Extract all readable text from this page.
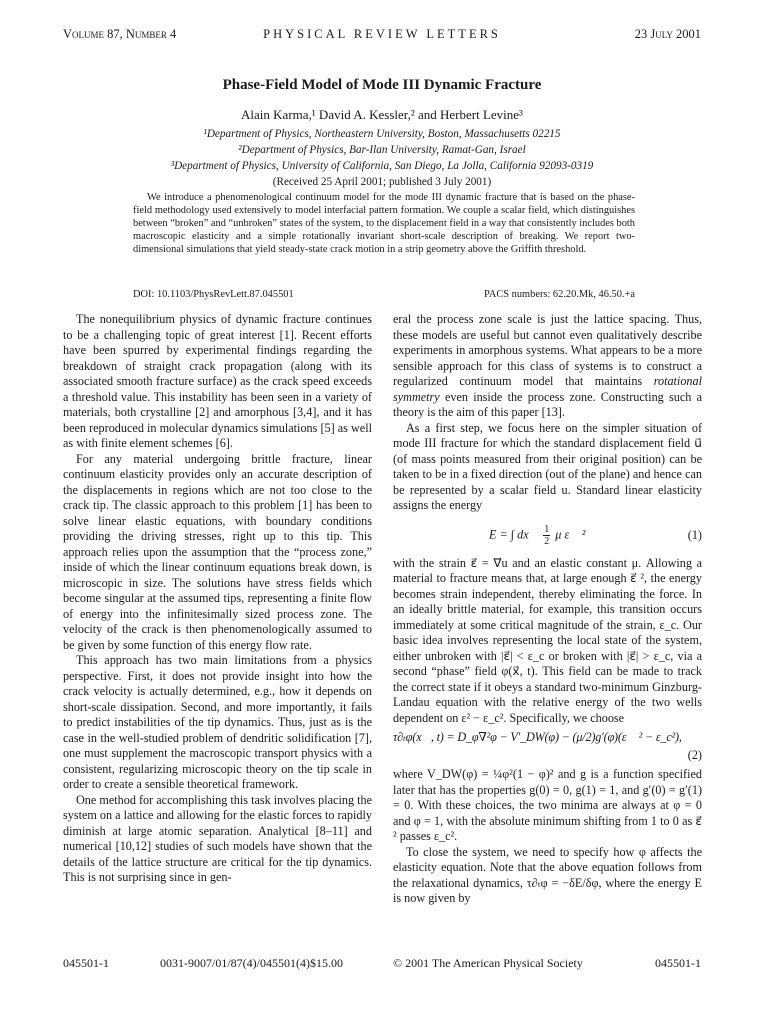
Volume 87, Number 4	PHYSICAL REVIEW LETTERS	23 July 2001
Phase-Field Model of Mode III Dynamic Fracture
Alain Karma,¹ David A. Kessler,² and Herbert Levine³
¹Department of Physics, Northeastern University, Boston, Massachusetts 02215
²Department of Physics, Bar-Ilan University, Ramat-Gan, Israel
³Department of Physics, University of California, San Diego, La Jolla, California 92093-0319
(Received 25 April 2001; published 3 July 2001)
We introduce a phenomenological continuum model for the mode III dynamic fracture that is based on the phase-field methodology used extensively to model interfacial pattern formation. We couple a scalar field, which distinguishes between “broken” and “unbroken” states of the system, to the displacement field in a way that consistently includes both macroscopic elasticity and a simple rotationally invariant short-scale description of breaking. We report two-dimensional simulations that yield steady-state crack motion in a strip geometry above the Griffith threshold.
DOI: 10.1103/PhysRevLett.87.045501	PACS numbers: 62.20.Mk, 46.50.+a

The nonequilibrium physics of dynamic fracture continues to be a challenging topic of great interest [1]. Recent efforts have been spurred by experimental findings regarding the breakdown of straight crack propagation (along with its associated smooth fracture surface) as the crack speed exceeds a threshold value. This instability has been seen in a variety of materials, both crystalline [2] and amorphous [3,4], and it has been reproduced in molecular dynamics simulations [5] as well as with finite element schemes [6].

For any material undergoing brittle fracture, linear continuum elasticity provides only an accurate description of the displacements in regions which are not too close to the crack tip. The classic approach to this problem [1] has been to solve linear elastic equations, with boundary conditions providing the driving stresses, right up to this tip. This approach relies upon the assumption that the “process zone,” inside of which the linear continuum equations break down, is microscopic in size. The solutions have stress fields which become singular at the assumed tips, representing a finite flow of energy into the infinitesimally sized process zone. The velocity of the crack is then phenomenologically assumed to be given by some function of this energy flow rate.

This approach has two main limitations from a physics perspective. First, it does not provide insight into how the crack velocity is actually determined, e.g., how it depends on short-scale dissipation. Second, and more importantly, it fails to predict instabilities of the tip dynamics. Thus, just as is the case in the well-studied problem of dendritic solidification [7], one must supplement the macroscopic transport physics with a consistent, regularizing microscopic theory on the tip scale in order to create a sensible theoretical framework.

One method for accomplishing this task involves placing the system on a lattice and allowing for the elastic forces to rapidly diminish at large atomic separation. Analytical [8–11] and numerical [10,12] studies of such models have shown that the details of the lattice structure are critical for the tip dynamics. This is not surprising since in gen-

eral the process zone scale is just the lattice spacing. Thus, these models are useful but cannot even qualitatively describe experiments in amorphous systems. What appears to be a more sensible approach for this class of systems is to construct a regularized continuum model that maintains rotational symmetry even inside the process zone. Constructing such a theory is the aim of this paper [13].

As a first step, we focus here on the simpler situation of mode III fracture for which the standard displacement field u⃗ (of mass points measured from their original position) can be taken to be in a fixed direction (out of the plane) and hence can be represented by a scalar field u. Standard linear elasticity assigns the energy

E = ∫ dx⃗ $\frac{1}{2}$ μ ε⃗ ²	(1)

with the strain ε⃗ = ∇⃗u and an elastic constant μ. Allowing a material to fracture means that, at large enough ε⃗ ², the energy becomes strain independent, thereby eliminating the force. In an ideally brittle material, for example, this transition occurs immediately at some critical magnitude of the strain, ε_c. Our basic idea involves representing the local state of the system, either unbroken with |ε⃗| < ε_c or broken with |ε⃗| > ε_c, via a second “phase” field φ(x⃗, t). This field can be made to track the correct state if it obeys a standard two-minimum Ginzburg-Landau equation with the relative energy of the two wells dependent on ε² − ε_c². Specifically, we choose

τ∂ₜφ(x⃗, t) = D_φ∇²φ − V′_DW(φ) − (μ/2)g′(φ)(ε⃗ ² − ε_c²),
(2)

where V_DW(φ) = ¼φ²(1 − φ)² and g is a function specified later that has the properties g(0) = 0, g(1) = 1, and g′(0) = g′(1) = 0. With these choices, the two minima are always at φ = 0 and φ = 1, with the absolute minimum shifting from 1 to 0 as ε⃗ ² passes ε_c².

To close the system, we need to specify how φ affects the elasticity equation. Note that the above equation follows from the relaxational dynamics, τ∂ₜφ = −δE/δφ, where the energy E is now given by

045501-1	0031-9007/01/87(4)/045501(4)$15.00	© 2001 The American Physical Society	045501-1
